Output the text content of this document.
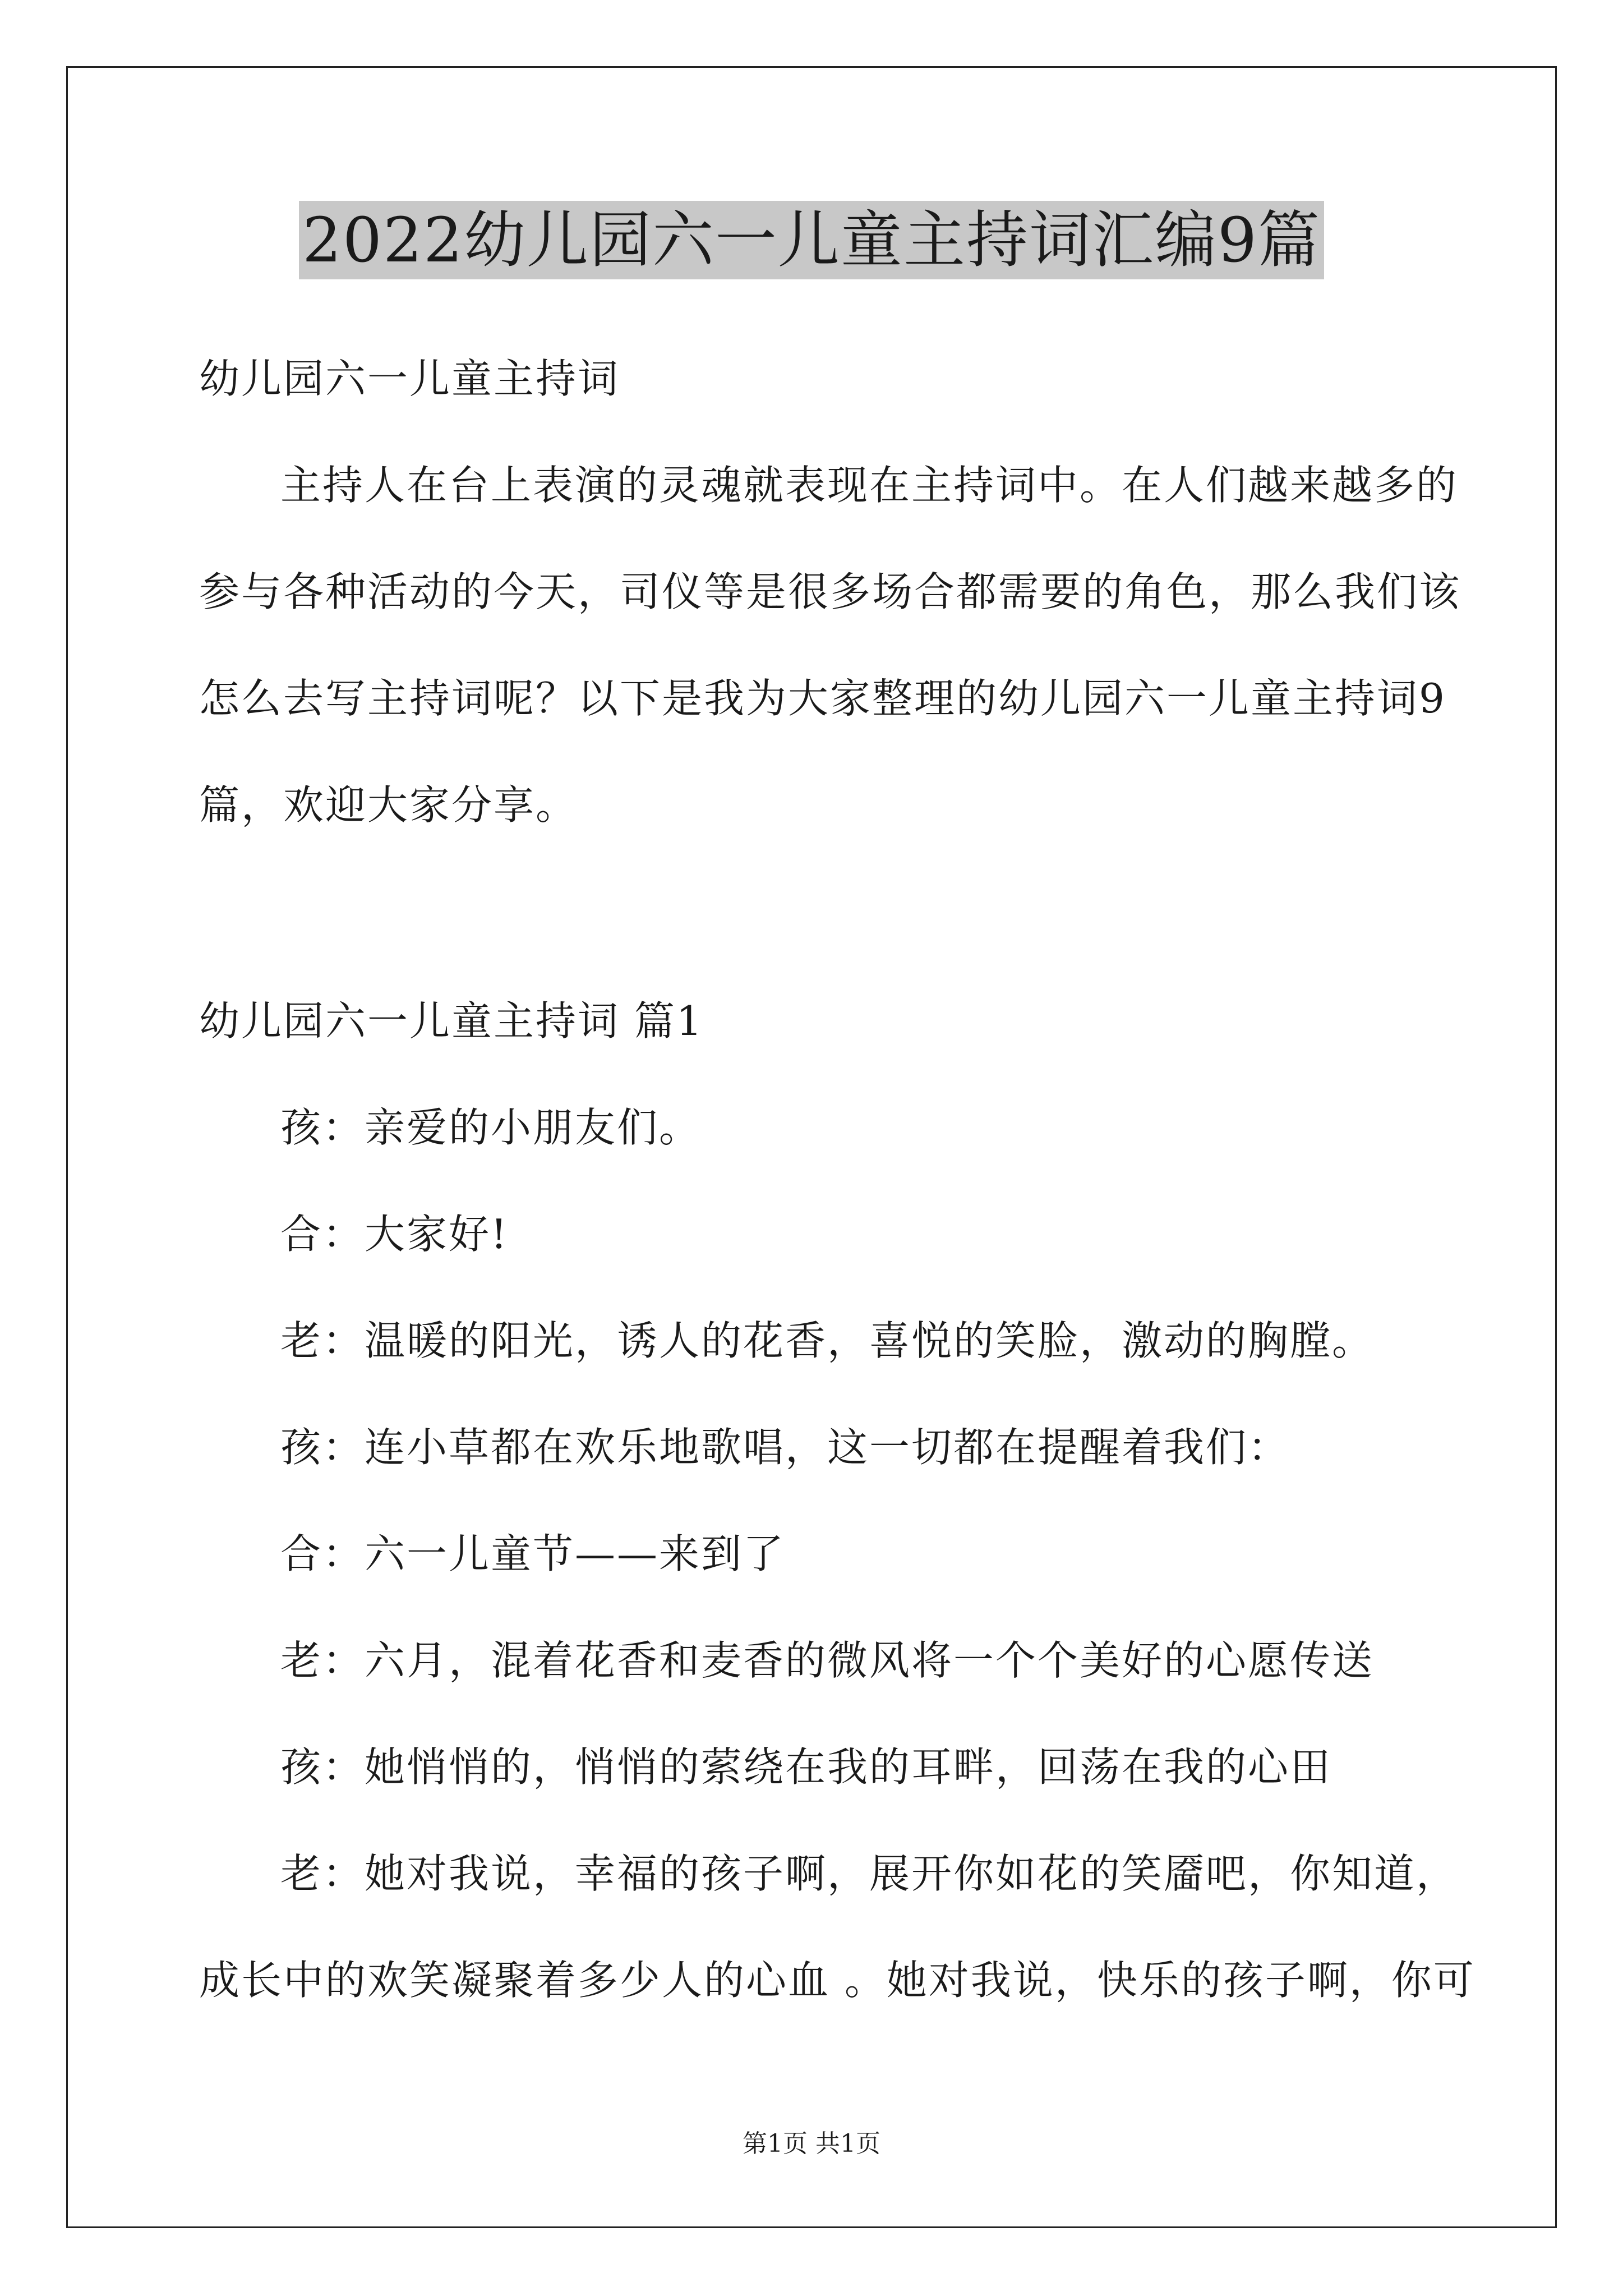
2022幼儿园六一儿童主持词汇编9篇
幼儿园六一儿童主持词
主持人在台上表演的灵魂就表现在主持词中。在人们越来越多的
参与各种活动的今天，司仪等是很多场合都需要的角色，那么我们该
怎么去写主持词呢？以下是我为大家整理的幼儿园六一儿童主持词9
篇，欢迎大家分享。
幼儿园六一儿童主持词 篇1
孩：亲爱的小朋友们。
合：大家好!
老：温暖的阳光，诱人的花香，喜悦的笑脸，激动的胸膛。
孩：连小草都在欢乐地歌唱，这一切都在提醒着我们：
合：六一儿童节——来到了
老：六月，混着花香和麦香的微风将一个个美好的心愿传送
孩：她悄悄的，悄悄的萦绕在我的耳畔，回荡在我的心田
老：她对我说，幸福的孩子啊，展开你如花的笑靥吧，你知道，
成长中的欢笑凝聚着多少人的心血 。她对我说，快乐的孩子啊，你可
第1页 共1页
